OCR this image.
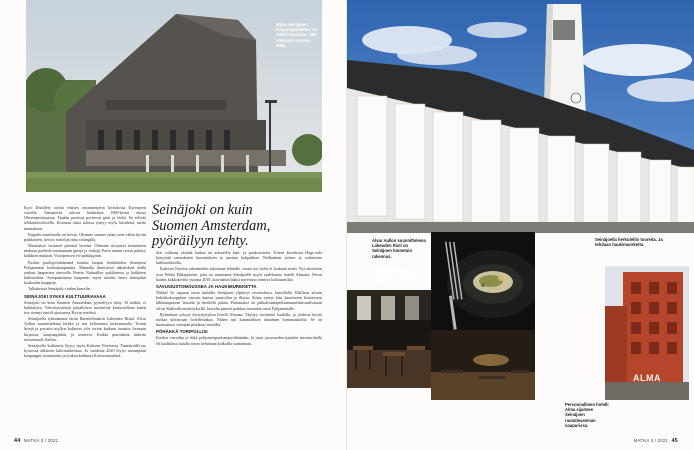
Myös Seinäjoen kaupunginteatteri on Aallon käsialaa. Talo valmistui vuonna 1962.
Seinäjoki on kuin Suomen Amsterdam, pyöräilyyn tehty.

Kyrö Distillery toimii entisen osuusmeijerin kivitalossa Kyrönjoen varrella. Samanessa talossa kehitettiin 1900-luvun alussa Oltermannijuustoa. Tänään puotissa porisevat ginit ja viskit. Se selviää tehdaskierroksella. Koronan takia talossa ryntyy myös käsidesiä, mitäs muutakaan.

Kiipailu maailmalla on kovaa. Olemme saaneet jalan oven väliin hyvän paikkaseen, kertoo esittelijä rinta rottingilla.

Maistiaiset virtaavat pienistä laseista. Olemme siirtyneet itsenäiseen makuun puoleile maistamaan ginejä ja viskejä. Parin tunnin reissu päättyy kaikkien mukaan. Vottopesisen vie pinkkiginin.

Puolen puolipyörittämänd baudaa kaupat henkilöiden Seinäjoen Pohjanmaan keskuskaupunkia. Mansalla ilmeisessä nähtävässä täällä jonkun haapasten ontosella Finnin Naturallyn pukiksensa ja kaikkeen kulttuurikin. Sympaattinena kaupunki myös nimien heasi hintojalan kaukaulin kaappeja.

Talkäävissä Seinäjoki viuden kaarelin.

SEINÄJOKI SYKKII KULTTUURIAVAAA

Seinäjoki on kuin Suomen Amsterdam, pyöräilyyn tehty. Ei mäkiä, ei kukkuloita. Valvottaysteissä pukalloissa mietintöjä keskustellaan kuten itse tiennyt tuntilt ajostoessa Hyvin tetelistä.

Seinäjoella tylninämme tärtin Ilmettelönäärin Lakeuden Ristiä, Alvar Aallon suunnittelema kirkko ja sen kellotornin kirkonmaalta. Tornin hisejä ja portaita myllyn kulkevat ylös tornin kutkuin tuomiin luomuin kirjaston, kaupunginkin, ja teatterin. Kaikki parituhatta tärkeitä toimintatalo Aallon.

Seinäjoella kulttuuria löytyy myös Kalevan Navetasta. Ymmärrällä jaa kyseessä tällainen kulttuurikeskus. Jo vuodesta 2020 löytyi useampaan kaupungin sistantuurin ja joukon kulttuuri Kotiseuturyhmä.

tilat valiksaa värjäää lankaa tai askarrella käsi- ja puukoristetta. Toisen kerroksen Hugo-sala kätyyttää taassahaten harrastuksen ja uusinta kalipakkaa. Nelikulmat taiteen ja vaihtuvine kulttuuritiloilla.

Kalevan Navetta rakennettiin aikoinaan lehmille, mutta nyt sieltä ei koskaan mieti. Nyt navettaan ovat Pekka Pihlajaniemi, joka on muuttanut Seinäjoelle myös taidekaarta hotelli Almasta. Petrin kaunis kakkokeittio vuonna 2018, kun nämä lisäksi navetassa toimiva kulttuuritilaa.

SAVUSIUSTOMOUSSEA JA HAUKIMUREKETTA

Näkkä! Se tuparuu tuota tiuhailla Seinäjoen ylpiöyys ravintolassa. Jaarollalla. Illallisen aloitin kaleidoskooppisen vauvan kanssa juustoihin ja illastu. Siiten syntyt käsi kauniiseen lientäessen läkkaanpaavan lautalla ja merkillä pakan. Pääruuaksi on palkaltinimipitkumuuurihaavanilvataan olivat Kalitsalla merkityksillä. Juurelta pasteet paikkaa tuostakin tässä Pohjanmaalle.

Ryhmänne syksyä tilytyttyttykon hotelli Almaan. Täyttyy ravinteita kaukilla, ja yhdessä hyvää ruokaa ulottavaan hotellivankaa. Nähen asti kummallisen täsmänen hommauksella. Se on huomattava varmaan pitkätaas tuoteilla.

PÖHÄKKÄ TORIPOLLISI

Kuolen vierailija ja ehkä pohjoinenpuoluenpyrähtänään. Ja juuri juvavuoden kaitakin moottoritiellä eli kaalikinsa laitalla toiset kehuisina kulkuilla sunnuntain.

44 MATKA 3 / 2021
Kalevan Navetan ravintola on nimeltään Äärellä.
Alvar Aallon suunnittelema Lakeuden Risti on Seinäjoen tunnetuin rakennus.
ALMA
Seinäjoella herkutellin tuoreita. Ja tehdaan haukimureketta.
Persoonallinen hotelli Alma sijaitsee Seinäjoen rautatieaseman naapurissa.
MATKA 3 / 2021 45
